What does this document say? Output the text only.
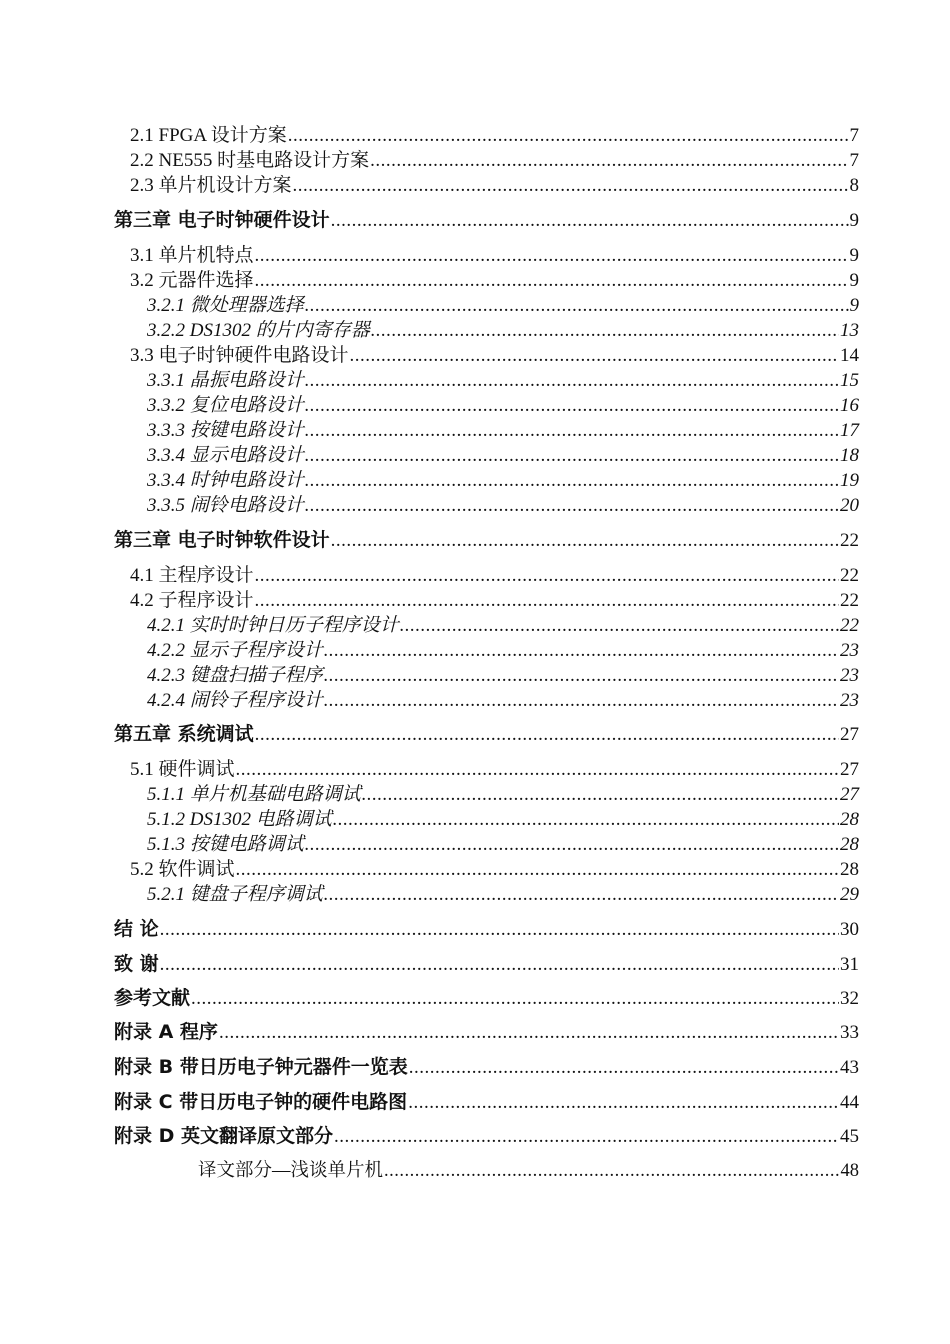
2.1 FPGA 设计方案 .....	7
2.2 NE555 时基电路设计方案 .....	7
2.3 单片机设计方案 .....	8
第三章 电子时钟硬件设计 .....	9
3.1 单片机特点 .....	9
3.2 元器件选择 .....	9
3.2.1 微处理器选择 .....	9
3.2.2 DS1302 的片内寄存器 .....	13
3.3 电子时钟硬件电路设计 .....	14
3.3.1 晶振电路设计 .....	15
3.3.2 复位电路设计 .....	16
3.3.3 按键电路设计 .....	17
3.3.4 显示电路设计 .....	18
3.3.4 时钟电路设计 .....	19
3.3.5 闹铃电路设计 .....	20
第三章 电子时钟软件设计 .....	22
4.1 主程序设计 .....	22
4.2 子程序设计 .....	22
4.2.1 实时时钟日历子程序设计 .....	22
4.2.2 显示子程序设计 .....	23
4.2.3 键盘扫描子程序 .....	23
4.2.4 闹铃子程序设计 .....	23
第五章 系统调试 .....	27
5.1 硬件调试 .....	27
5.1.1 单片机基础电路调试 .....	27
5.1.2 DS1302 电路调试 .....	28
5.1.3 按键电路调试 .....	28
5.2 软件调试 .....	28
5.2.1 键盘子程序调试 .....	29
结 论 .....	30
致 谢 .....	31
参考文献 .....	32
附录 A 程序 .....	33
附录 B 带日历电子钟元器件一览表 .....	43
附录 C 带日历电子钟的硬件电路图 .....	44
附录 D 英文翻译原文部分 .....	45
译文部分—浅谈单片机 .....	48
